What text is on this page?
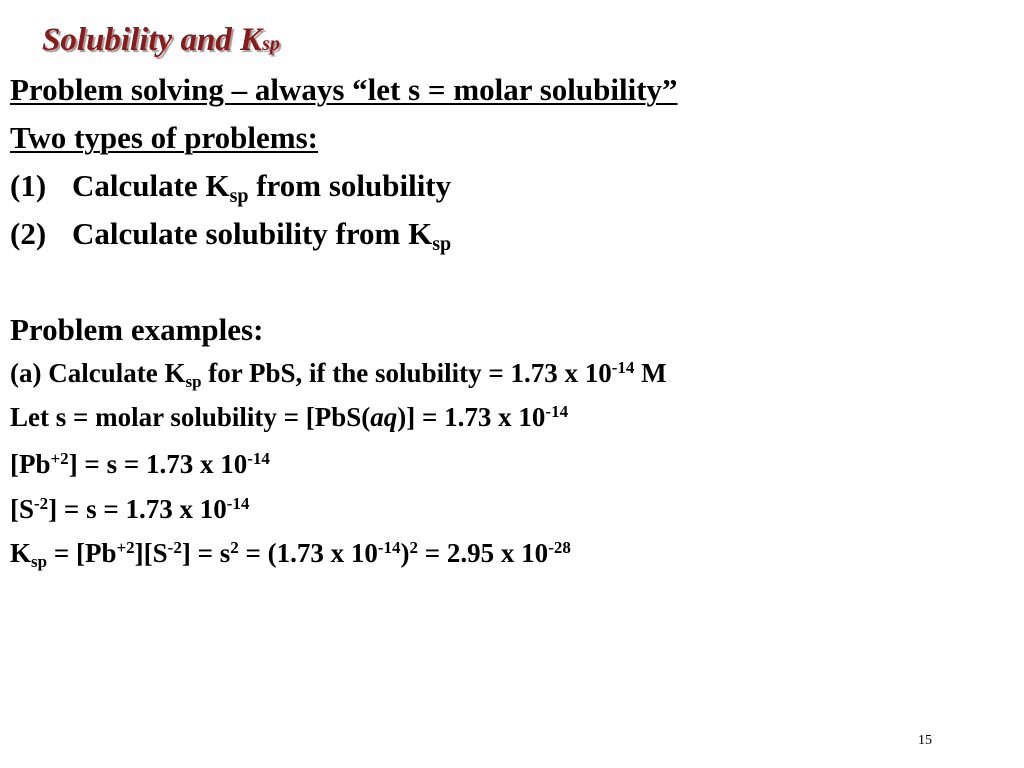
Solubility and Ksp
Problem solving – always “let s = molar solubility”
Two types of problems:
(1) Calculate $K_{sp}$ from solubility
(2) Calculate solubility from $K_{sp}$
Problem examples:
(a) Calculate $K_{sp}$ for PbS, if the solubility = 1.73 x $10^{-14}$ M
Let s = molar solubility = [PbS(aq)] = 1.73 x $10^{-14}$
$[Pb^{+2}] = s = 1.73$ x $10^{-14}$
$[S^{-2}] = s = 1.73$ x $10^{-14}$
$K_{sp} = [Pb^{+2}][S^{-2}] = s^2 = (1.73$ x $10^{-14})^2 = 2.95$ x $10^{-28}$
15
